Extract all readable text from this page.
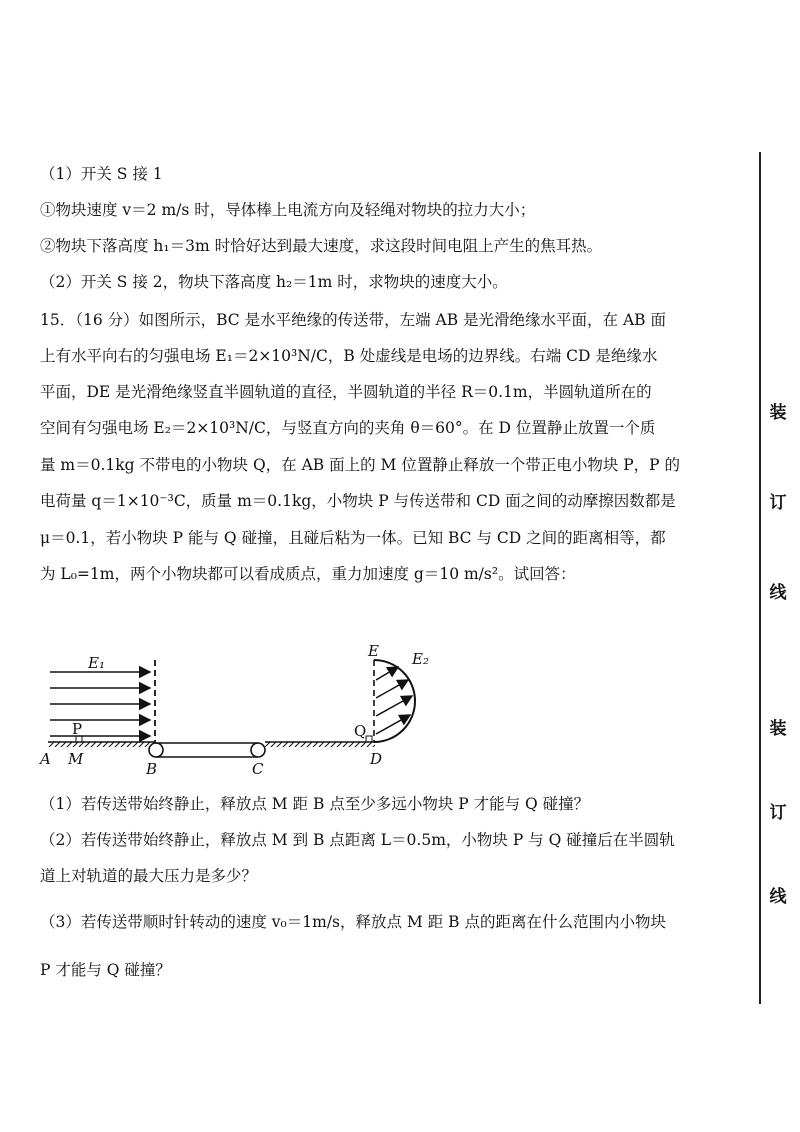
（1）开关 S 接 1
①物块速度 v＝2 m/s 时，导体棒上电流方向及轻绳对物块的拉力大小；
②物块下落高度 h₁＝3m 时恰好达到最大速度，求这段时间电阻上产生的焦耳热。
（2）开关 S 接 2，物块下落高度 h₂＝1m 时，求物块的速度大小。
15．（16 分）如图所示，BC 是水平绝缘的传送带，左端 AB 是光滑绝缘水平面，在 AB 面
上有水平向右的匀强电场 E₁＝2×10³N/C，B 处虚线是电场的边界线。右端 CD 是绝缘水
平面，DE 是光滑绝缘竖直半圆轨道的直径，半圆轨道的半径 R＝0.1m，半圆轨道所在的
空间有匀强电场 E₂＝2×10³N/C，与竖直方向的夹角 θ＝60°。在 D 位置静止放置一个质
量 m＝0.1kg 不带电的小物块 Q，在 AB 面上的 M 位置静止释放一个带正电小物块 P，P 的
电荷量 q＝1×10⁻³C，质量 m＝0.1kg，小物块 P 与传送带和 CD 面之间的动摩擦因数都是
μ＝0.1，若小物块 P 能与 Q 碰撞，且碰后粘为一体。已知 BC 与 CD 之间的距离相等，都
为 L₀=1m，两个小物块都可以看成质点，重力加速度 g＝10 m/s²。试回答：
E₁
P	Q
E E₂
A M
B	C
D
（1）若传送带始终静止，释放点 M 距 B 点至少多远小物块 P 才能与 Q 碰撞？
（2）若传送带始终静止，释放点 M 到 B 点距离 L＝0.5m，小物块 P 与 Q 碰撞后在半圆轨
道上对轨道的最大压力是多少？
（3）若传送带顺时针转动的速度 v₀＝1m/s，释放点 M 距 B 点的距离在什么范围内小物块
P 才能与 Q 碰撞？
装
订
线
装
订
线
